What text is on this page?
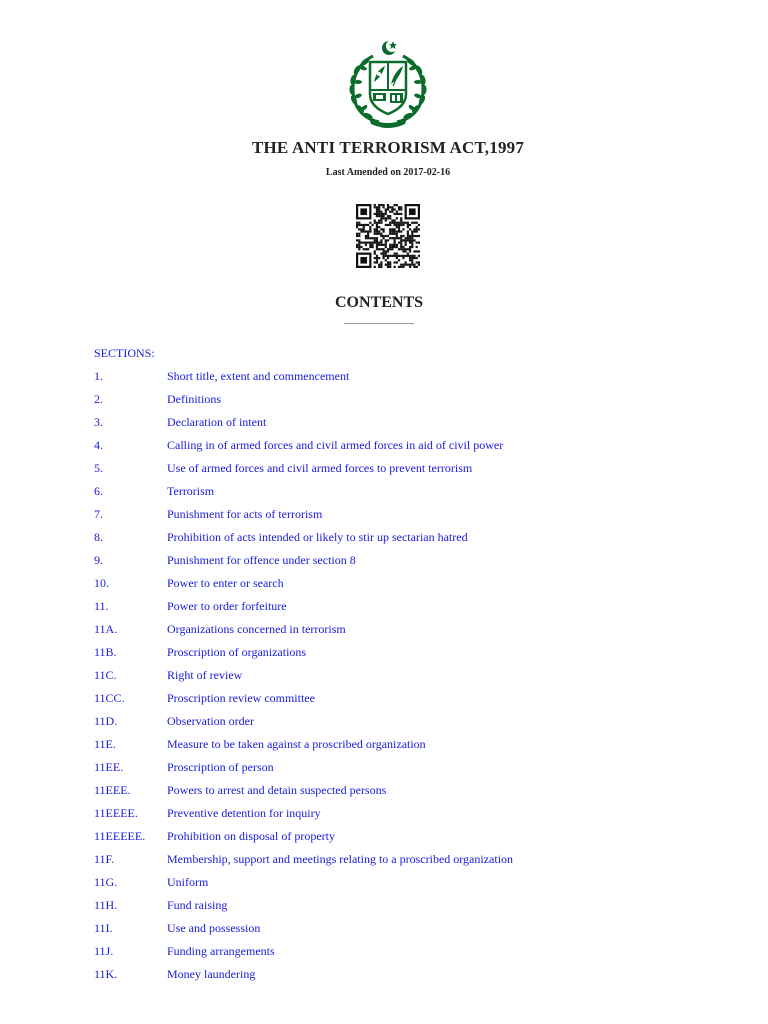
THE ANTI TERRORISM ACT,1997
Last Amended on 2017-02-16
CONTENTS
SECTIONS:
1.	Short title, extent and commencement
2.	Definitions
3.	Declaration of intent
4.	Calling in of armed forces and civil armed forces in aid of civil power
5.	Use of armed forces and civil armed forces to prevent terrorism
6.	Terrorism
7.	Punishment for acts of terrorism
8.	Prohibition of acts intended or likely to stir up sectarian hatred
9.	Punishment for offence under section 8
10.	Power to enter or search
11.	Power to order forfeiture
11A.	Organizations concerned in terrorism
11B.	Proscription of organizations
11C.	Right of review
11CC.	Proscription review committee
11D.	Observation order
11E.	Measure to be taken against a proscribed organization
11EE.	Proscription of person
11EEE.	Powers to arrest and detain suspected persons
11EEEE.	Preventive detention for inquiry
11EEEEE.	Prohibition on disposal of property
11F.	Membership, support and meetings relating to a proscribed organization
11G.	Uniform
11H.	Fund raising
11I.	Use and possession
11J.	Funding arrangements
11K.	Money laundering
